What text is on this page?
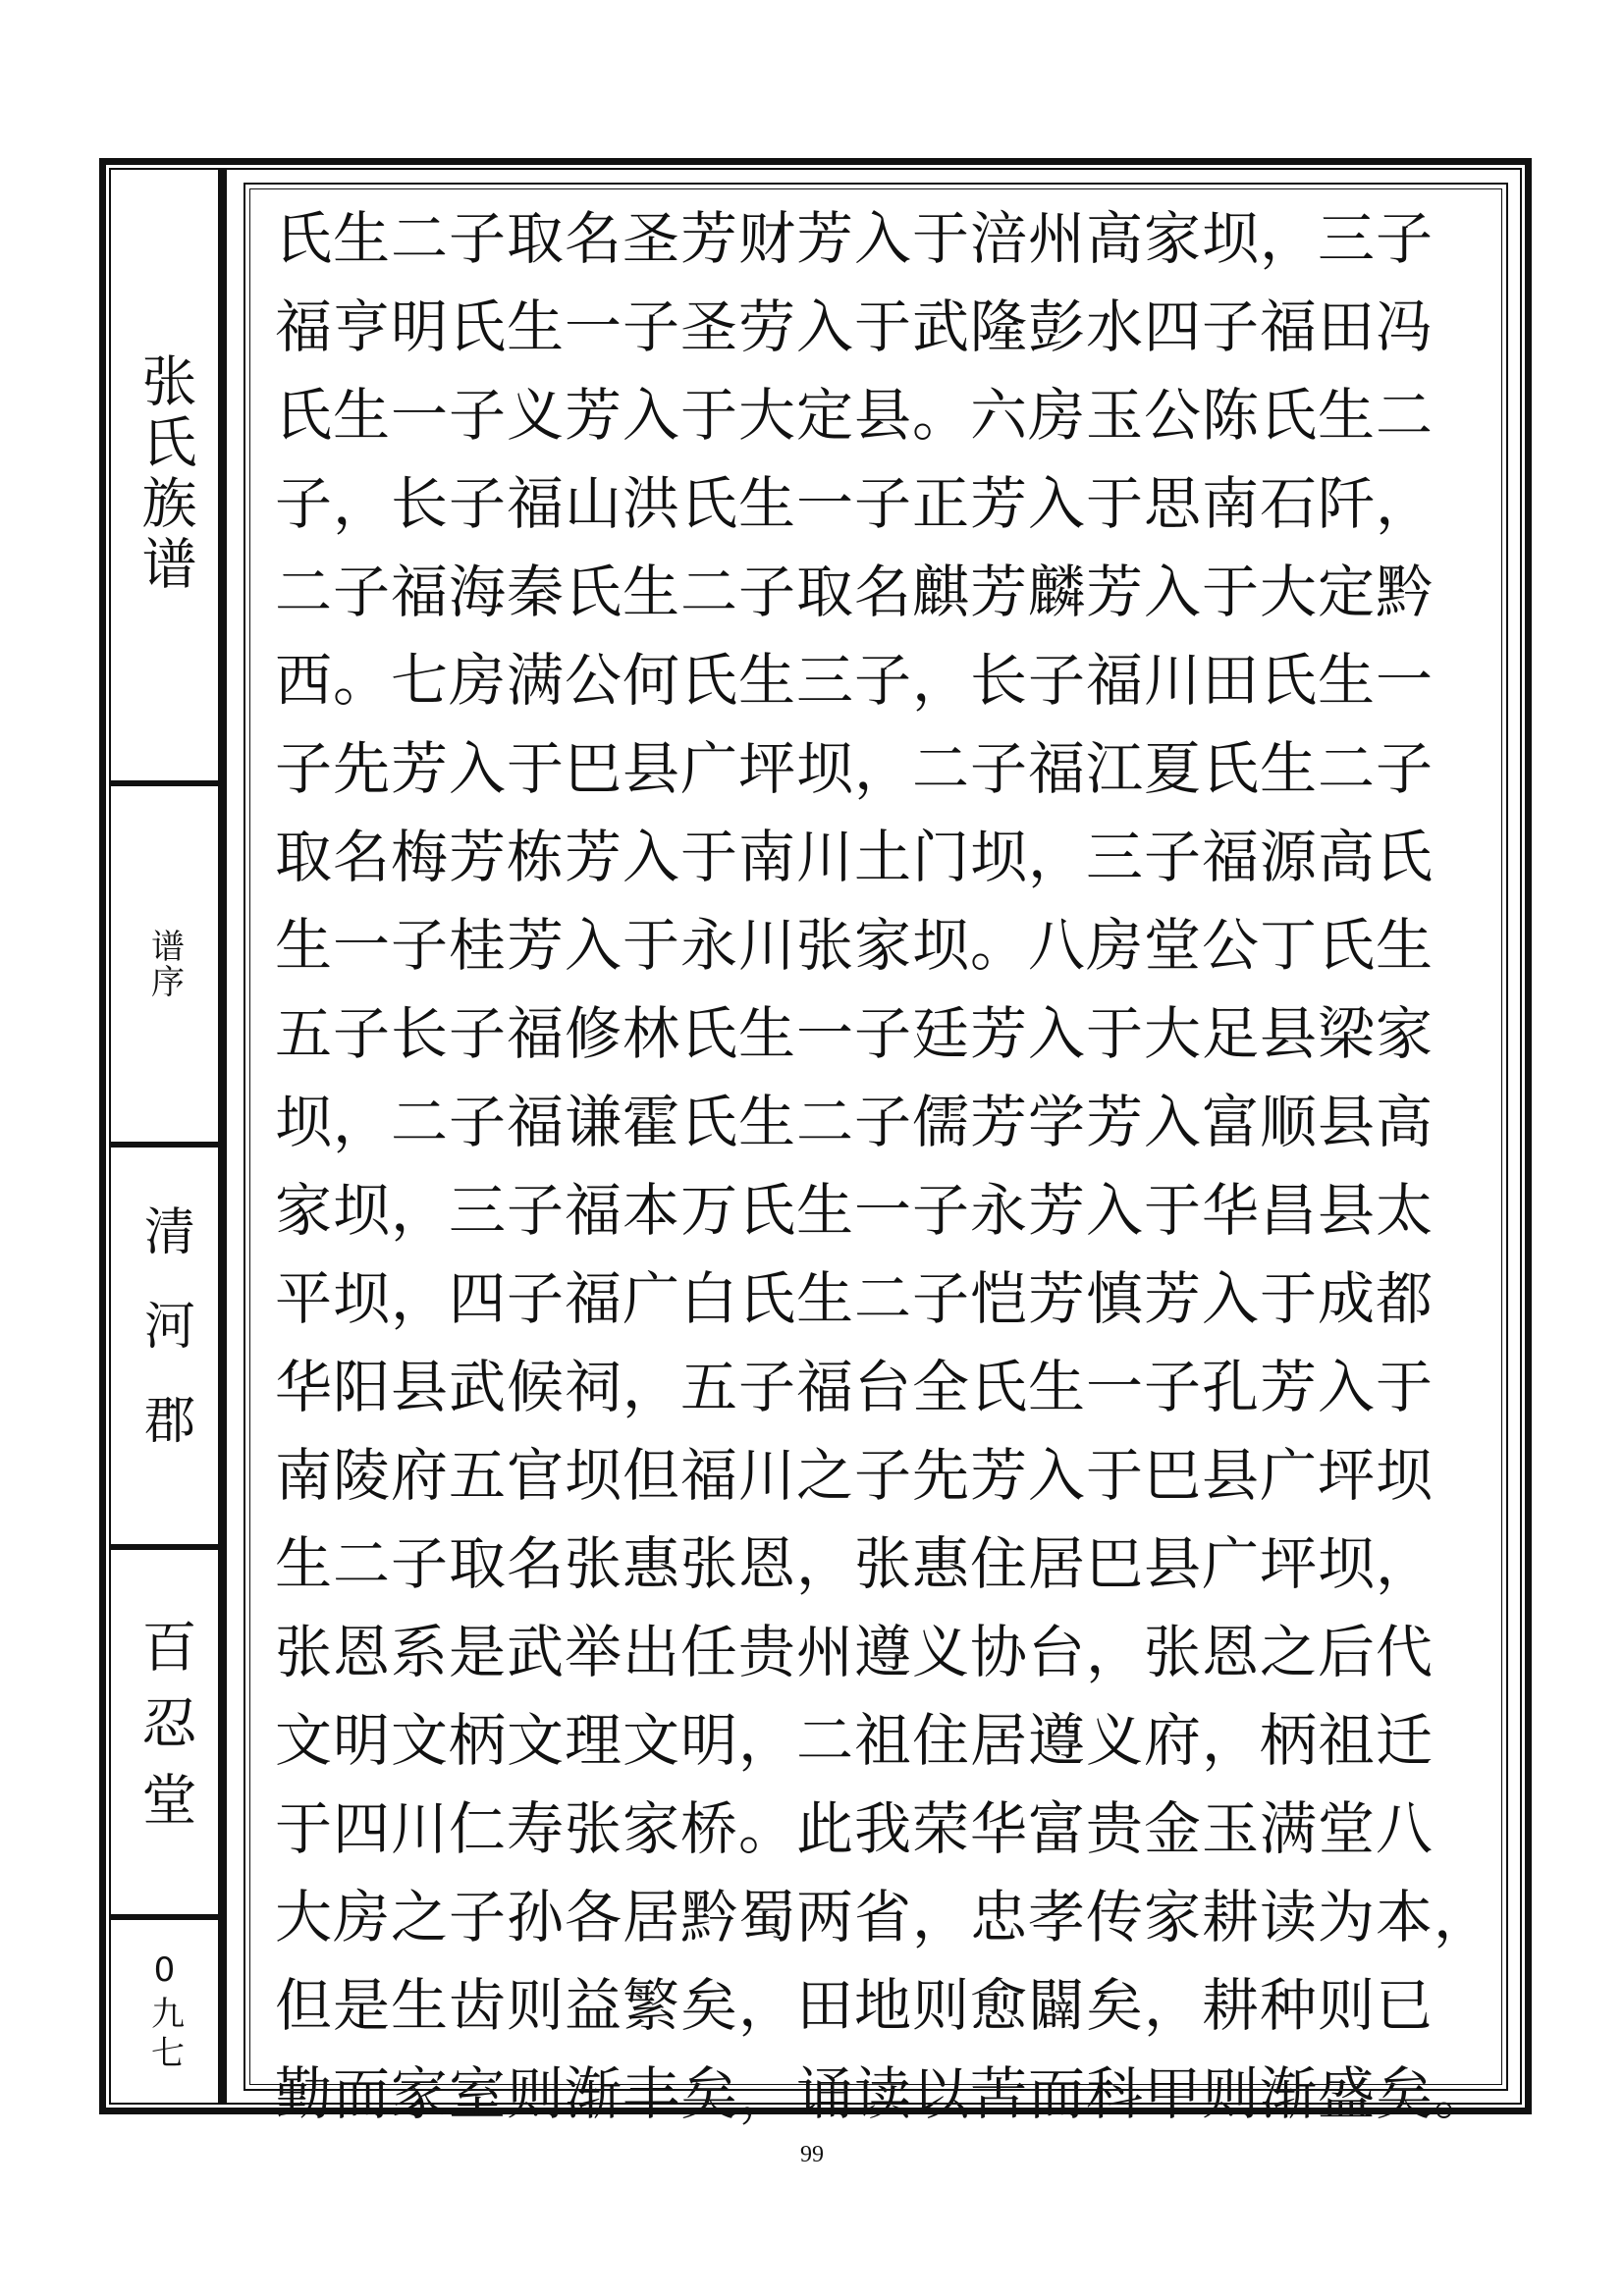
张氏族谱
谱序
清河郡
百忍堂
0九七
氏生二子取名圣芳财芳入于涪州高家坝，三子
福亨明氏生一子圣劳入于武隆彭水四子福田冯
氏生一子义芳入于大定县。六房玉公陈氏生二
子，长子福山洪氏生一子正芳入于思南石阡，
二子福海秦氏生二子取名麒芳麟芳入于大定黔
西。七房满公何氏生三子，长子福川田氏生一
子先芳入于巴县广坪坝，二子福江夏氏生二子
取名梅芳栋芳入于南川土门坝，三子福源高氏
生一子桂芳入于永川张家坝。八房堂公丁氏生
五子长子福修林氏生一子廷芳入于大足县梁家
坝，二子福谦霍氏生二子儒芳学芳入富顺县高
家坝，三子福本万氏生一子永芳入于华昌县太
平坝，四子福广白氏生二子恺芳慎芳入于成都
华阳县武候祠，五子福台全氏生一子孔芳入于
南陵府五官坝但福川之子先芳入于巴县广坪坝
生二子取名张惠张恩，张惠住居巴县广坪坝，
张恩系是武举出任贵州遵义协台，张恩之后代
文明文柄文理文明，二祖住居遵义府，柄祖迁
于四川仁寿张家桥。此我荣华富贵金玉满堂八
大房之子孙各居黔蜀两省，忠孝传家耕读为本，
但是生齿则益繁矣，田地则愈闢矣，耕种则已
勤而家室则渐丰矣，诵读以苦而科甲则渐盛矣。
99
